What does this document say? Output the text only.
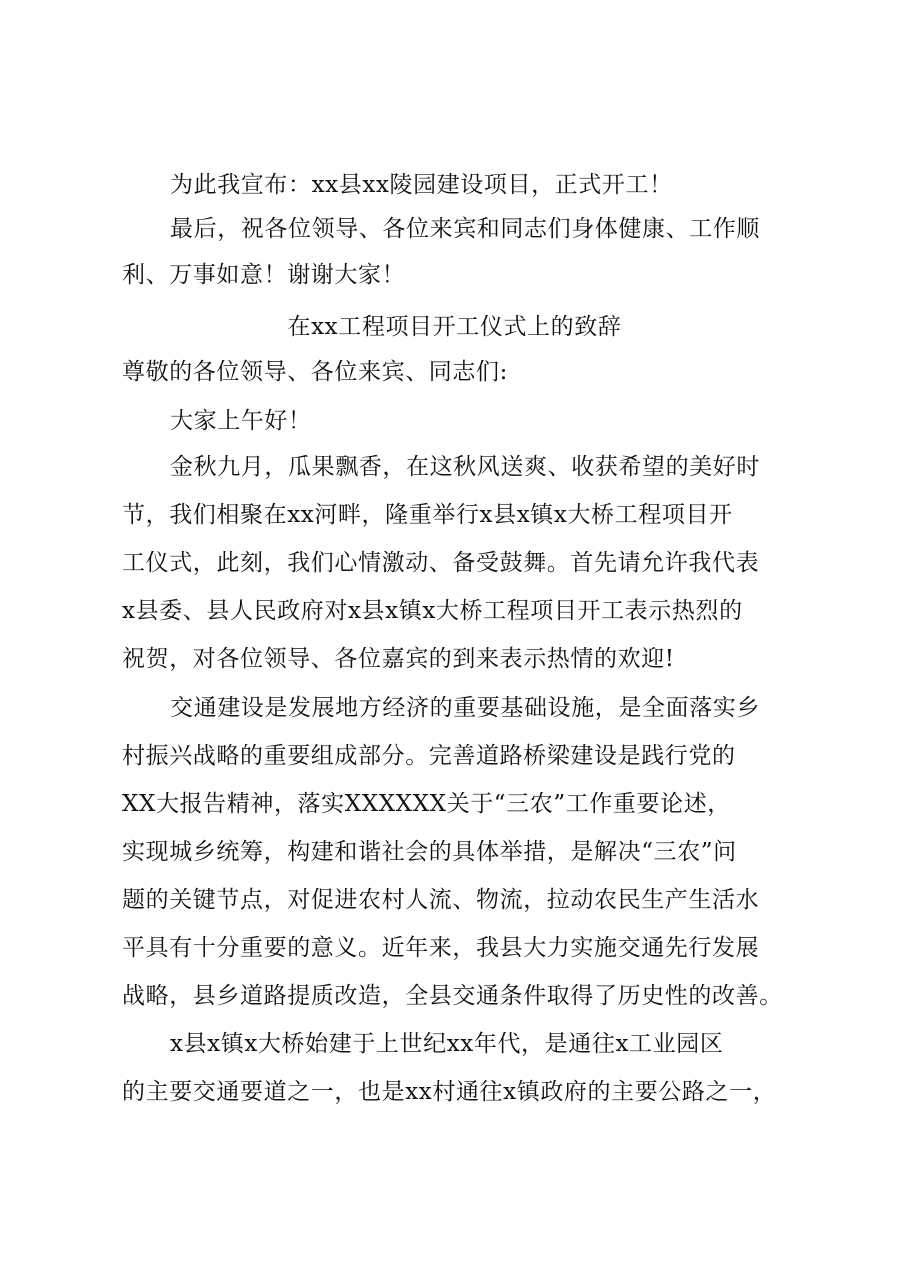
为此我宣布：xx县xx陵园建设项目，正式开工！
最后，祝各位领导、各位来宾和同志们身体健康、工作顺
利、万事如意！谢谢大家！
在xx工程项目开工仪式上的致辞
尊敬的各位领导、各位来宾、同志们:
大家上午好！
金秋九月，瓜果飘香，在这秋风送爽、收获希望的美好时
节，我们相聚在xx河畔，隆重举行x县x镇x大桥工程项目开
工仪式，此刻，我们心情激动、备受鼓舞。首先请允许我代表
x县委、县人民政府对x县x镇x大桥工程项目开工表示热烈的
祝贺，对各位领导、各位嘉宾的到来表示热情的欢迎!
交通建设是发展地方经济的重要基础设施，是全面落实乡
村振兴战略的重要组成部分。完善道路桥梁建设是践行党的
XX大报告精神，落实XXXXXX关于“三农”工作重要论述，
实现城乡统筹，构建和谐社会的具体举措，是解决“三农”问
题的关键节点，对促进农村人流、物流，拉动农民生产生活水
平具有十分重要的意义。近年来，我县大力实施交通先行发展
战略，县乡道路提质改造，全县交通条件取得了历史性的改善。
x县x镇x大桥始建于上世纪xx年代，是通往x工业园区
的主要交通要道之一，也是xx村通往x镇政府的主要公路之一，
